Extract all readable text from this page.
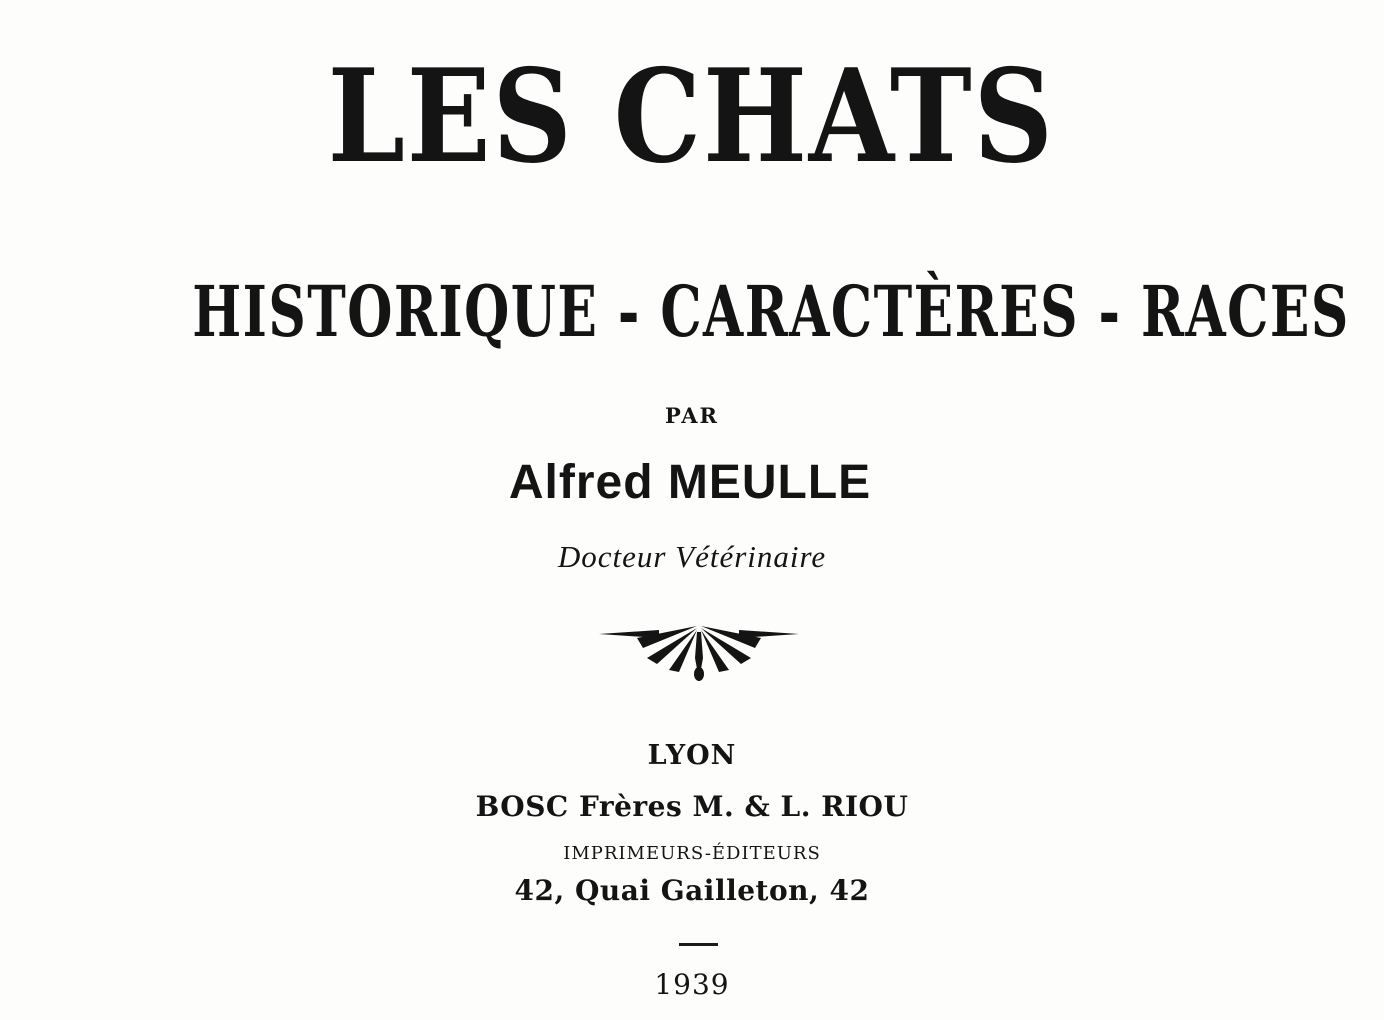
LES CHATS
HISTORIQUE - CARACTÈRES - RACES
PAR
Alfred MEULLE
Docteur Vétérinaire
LYON
BOSC Frères M. & L. RIOU
IMPRIMEURS-ÉDITEURS
42, Quai Gailleton, 42
1939
